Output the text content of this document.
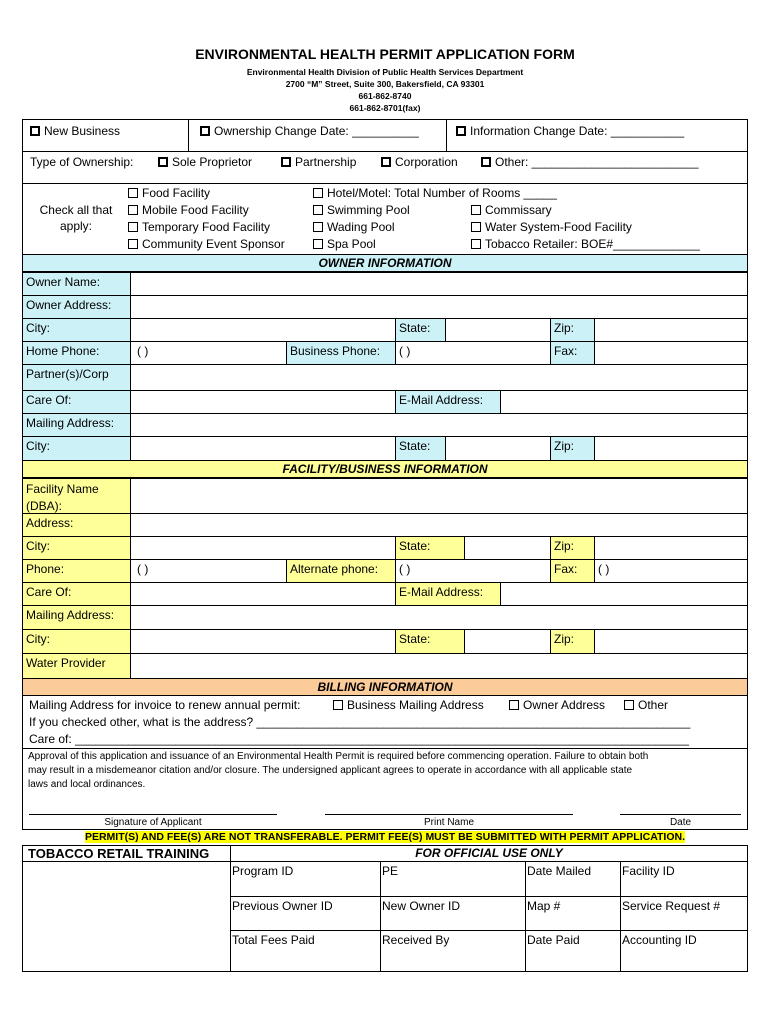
ENVIRONMENTAL HEALTH PERMIT APPLICATION FORM
Environmental Health Division of Public Health Services Department
2700 “M” Street, Suite 300, Bakersfield, CA 93301
661-862-8740
661-862-8701(fax)
New Business	Ownership Change Date: __________	Information Change Date: ___________
Type of Ownership:	Sole Proprietor	Partnership	Corporation	Other: _________________________
Check all that
apply:
Food Facility
Mobile Food Facility
Temporary Food Facility
Community Event Sponsor
Hotel/Motel: Total Number of Rooms _____
Swimming Pool
Wading Pool
Spa Pool
Commissary
Water System-Food Facility
Tobacco Retailer: BOE#_____________
OWNER INFORMATION
Owner Name:
Owner Address:
City:	State:	Zip:
Home Phone:	( )	Business Phone:	( )	Fax:
Partner(s)/Corp
Care Of:	E-Mail Address:
Mailing Address:
City:	State:	Zip:
FACILITY/BUSINESS INFORMATION
Facility Name
(DBA):
Address:
City:	State:	Zip:
Phone:	( )	Alternate phone:	( )	Fax:	( )
Care Of:	E-Mail Address:
Mailing Address:
City:	State:	Zip:
Water Provider
BILLING INFORMATION
Mailing Address for invoice to renew annual permit:	Business Mailing Address	Owner Address	Other
If you checked other, what is the address? _________________________________________________________________
Care of: ____________________________________________________________________________________________
Approval of this application and issuance of an Environmental Health Permit is required before commencing operation. Failure to obtain both
may result in a misdemeanor citation and/or closure. The undersigned applicant agrees to operate in accordance with all applicable state
laws and local ordinances.
Signature of Applicant	Print Name	Date
PERMIT(S) AND FEE(S) ARE NOT TRANSFERABLE. PERMIT FEE(S) MUST BE SUBMITTED WITH PERMIT APPLICATION.
TOBACCO RETAIL TRAINING	FOR OFFICIAL USE ONLY
Program ID	PE	Date Mailed	Facility ID
Previous Owner ID	New Owner ID	Map #	Service Request #
Total Fees Paid	Received By	Date Paid	Accounting ID
